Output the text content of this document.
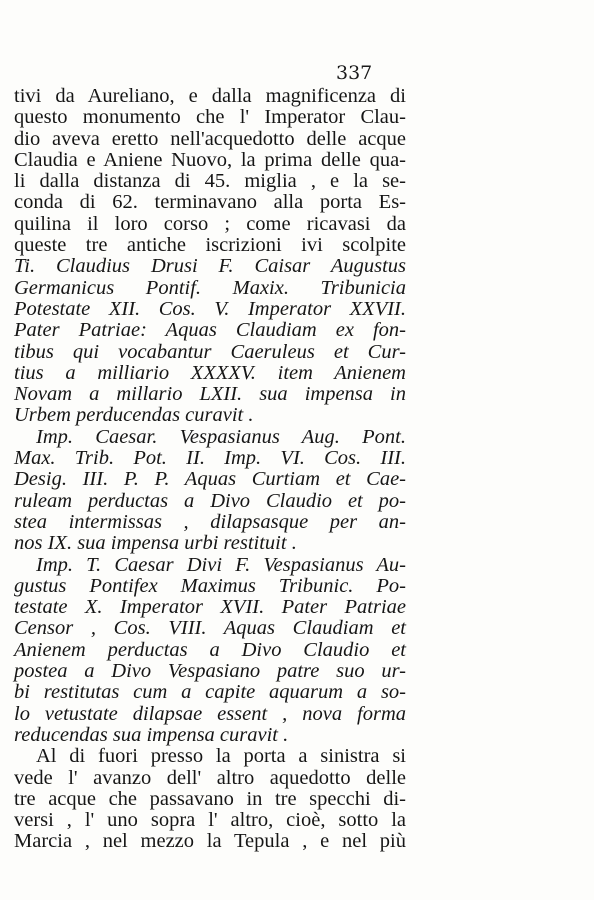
337
tivi da Aureliano, e dalla magnificenza di
questo monumento che l' Imperator Clau-
dio aveva eretto nell'acquedotto delle acque
Claudia e Aniene Nuovo, la prima delle qua-
li dalla distanza di 45. miglia , e la se-
conda di 62. terminavano alla porta Es-
quilina il loro corso ; come ricavasi da
queste tre antiche iscrizioni ivi scolpite
Ti. Claudius Drusi F. Caisar Augustus
Germanicus Pontif. Maxix. Tribunicia
Potestate XII. Cos. V. Imperator XXVII.
Pater Patriae: Aquas Claudiam ex fon-
tibus qui vocabantur Caeruleus et Cur-
tius a milliario XXXXV. item Anienem
Novam a millario LXII. sua impensa in
Urbem perducendas curavit .
Imp. Caesar. Vespasianus Aug. Pont.
Max. Trib. Pot. II. Imp. VI. Cos. III.
Desig. III. P. P. Aquas Curtiam et Cae-
ruleam perductas a Divo Claudio et po-
stea intermissas , dilapsasque per an-
nos IX. sua impensa urbi restituit .
Imp. T. Caesar Divi F. Vespasianus Au-
gustus Pontifex Maximus Tribunic. Po-
testate X. Imperator XVII. Pater Patriae
Censor , Cos. VIII. Aquas Claudiam et
Anienem perductas a Divo Claudio et
postea a Divo Vespasiano patre suo ur-
bi restitutas cum a capite aquarum a so-
lo vetustate dilapsae essent , nova forma
reducendas sua impensa curavit .
Al di fuori presso la porta a sinistra si
vede l' avanzo dell' altro aquedotto delle
tre acque che passavano in tre specchi di-
versi , l' uno sopra l' altro, cioè, sotto la
Marcia , nel mezzo la Tepula , e nel più
